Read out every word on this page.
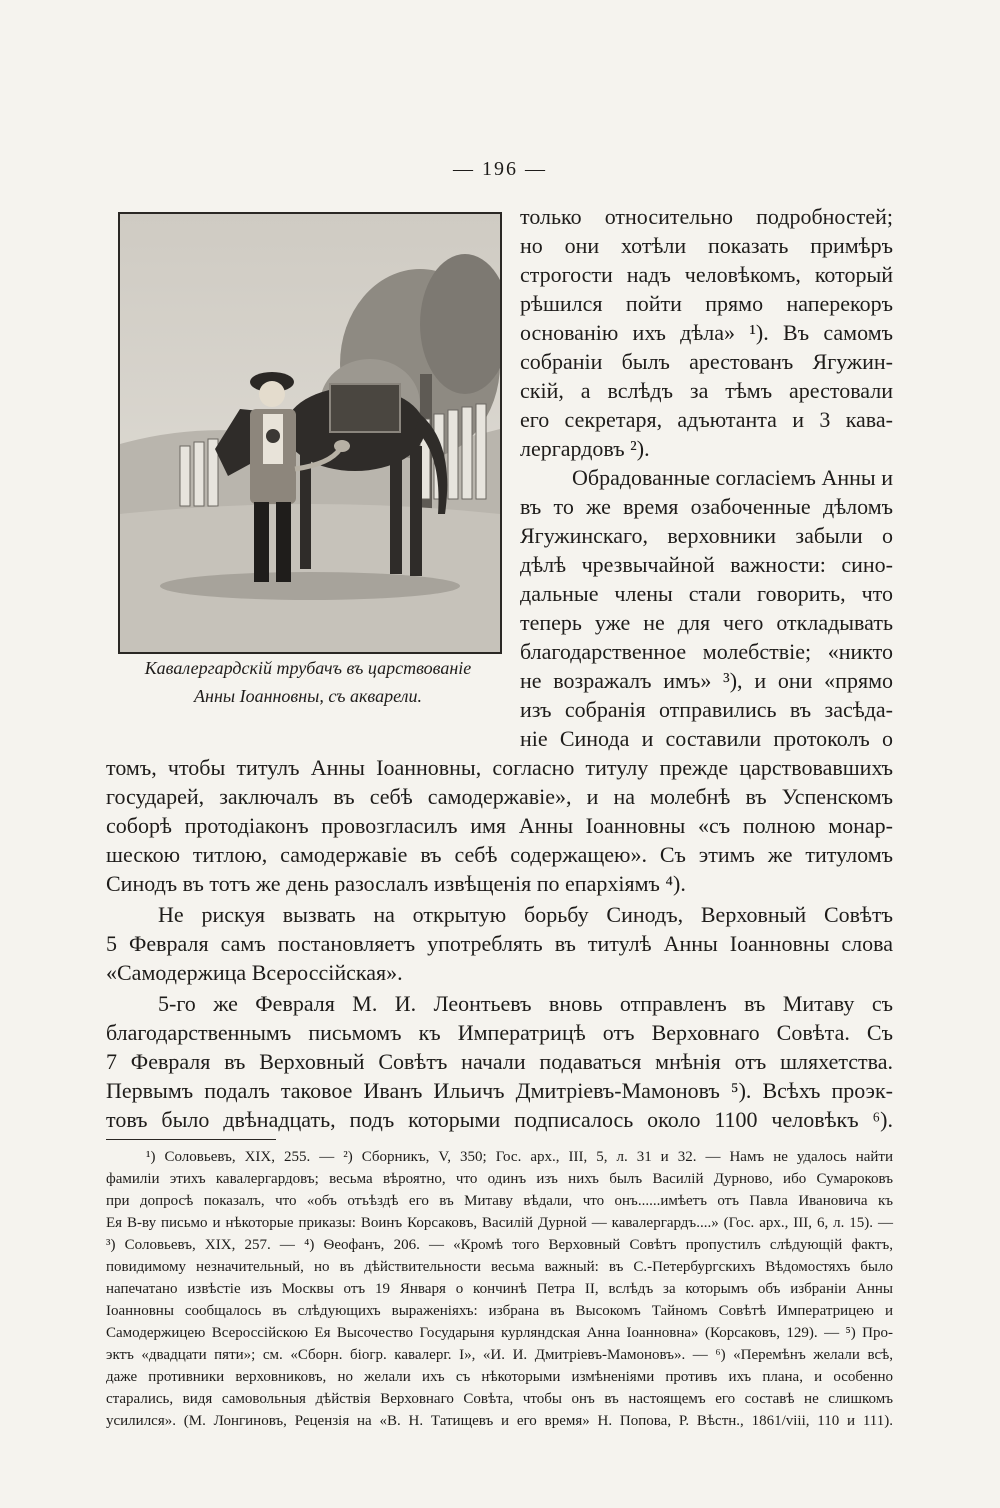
— 196 —
Кавалергардскій трубачъ въ царствованіе
Анны Іоанновны, съ акварели.
только относительно подробностей;
но они хотѣли показать примѣръ
строгости надъ человѣкомъ, который
рѣшился пойти прямо наперекоръ
основанію ихъ дѣла» ¹). Въ самомъ
собраніи былъ арестованъ Ягужин-
скій, а вслѣдъ за тѣмъ арестовали
его секретаря, адъютанта и 3 кава-
лергардовъ ²).
Обрадованные согласіемъ Анны и
въ то же время озабоченные дѣломъ
Ягужинскаго, верховники забыли о
дѣлѣ чрезвычайной важности: сино-
дальные члены стали говорить, что
теперь уже не для чего откладывать
благодарственное молебствіе; «никто
не возражалъ имъ» ³), и они «прямо
изъ собранія отправились въ засѣда-
ніе Синода и составили протоколъ о
томъ, чтобы титулъ Анны Іоанновны, согласно титулу прежде царствовавшихъ
государей, заключалъ въ себѣ самодержавіе», и на молебнѣ въ Успенскомъ
соборѣ протодіаконъ провозгласилъ имя Анны Іоанновны «съ полною монар-
шескою титлою, самодержавіе въ себѣ содержащею». Съ этимъ же титуломъ
Синодъ въ тотъ же день разослалъ извѣщенія по епархіямъ ⁴).
Не рискуя вызвать на открытую борьбу Синодъ, Верховный Совѣтъ
5 Февраля самъ постановляетъ употреблять въ титулѣ Анны Іоанновны слова
«Самодержица Всероссійская».
5-го же Февраля М. И. Леонтьевъ вновь отправленъ въ Митаву съ
благодарственнымъ письмомъ къ Императрицѣ отъ Верховнаго Совѣта. Съ
7 Февраля въ Верховный Совѣтъ начали подаваться мнѣнія отъ шляхетства.
Первымъ подалъ таковое Иванъ Ильичъ Дмитріевъ-Мамоновъ ⁵). Всѣхъ проэк-
товъ было двѣнадцать, подъ которыми подписалось около 1100 человѣкъ ⁶).
¹) Соловьевъ, XIX, 255. — ²) Сборникъ, V, 350; Гос. арх., III, 5, л. 31 и 32. — Намъ не удалось найти
фамиліи этихъ кавалергардовъ; весьма вѣроятно, что одинъ изъ нихъ былъ Василій Дурново, ибо Сумароковъ
при допросѣ показалъ, что «объ отъѣздѣ его въ Митаву вѣдали, что онъ......имѣетъ отъ Павла Ивановича къ
Ея В-ву письмо и нѣкоторые приказы: Воинъ Корсаковъ, Василій Дурной — кавалергардъ....» (Гос. арх., III, 6, л. 15). —
³) Соловьевъ, XIX, 257. — ⁴) Ѳеофанъ, 206. — «Кромѣ того Верховный Совѣтъ пропустилъ слѣдующій фактъ,
повидимому незначительный, но въ дѣйствительности весьма важный: въ С.-Петербургскихъ Вѣдомостяхъ было
напечатано извѣстіе изъ Москвы отъ 19 Января о кончинѣ Петра II, вслѣдъ за которымъ объ избраніи Анны
Іоанновны сообщалось въ слѣдующихъ выраженіяхъ: избрана въ Высокомъ Тайномъ Совѣтѣ Императрицею и
Самодержицею Всероссійскою Ея Высочество Государыня курляндская Анна Іоанновна» (Корсаковъ, 129). — ⁵) Про-
эктъ «двадцати пяти»; см. «Сборн. біогр. кавалерг. I», «И. И. Дмитріевъ-Мамоновъ». — ⁶) «Перемѣнъ желали всѣ,
даже противники верховниковъ, но желали ихъ съ нѣкоторыми измѣненіями противъ ихъ плана, и особенно
старались, видя самовольныя дѣйствія Верховнаго Совѣта, чтобы онъ въ настоящемъ его составѣ не слишкомъ
усилился». (М. Лонгиновъ, Рецензія на «В. Н. Татищевъ и его время» Н. Попова, Р. Вѣстн., 1861/viii, 110 и 111).
